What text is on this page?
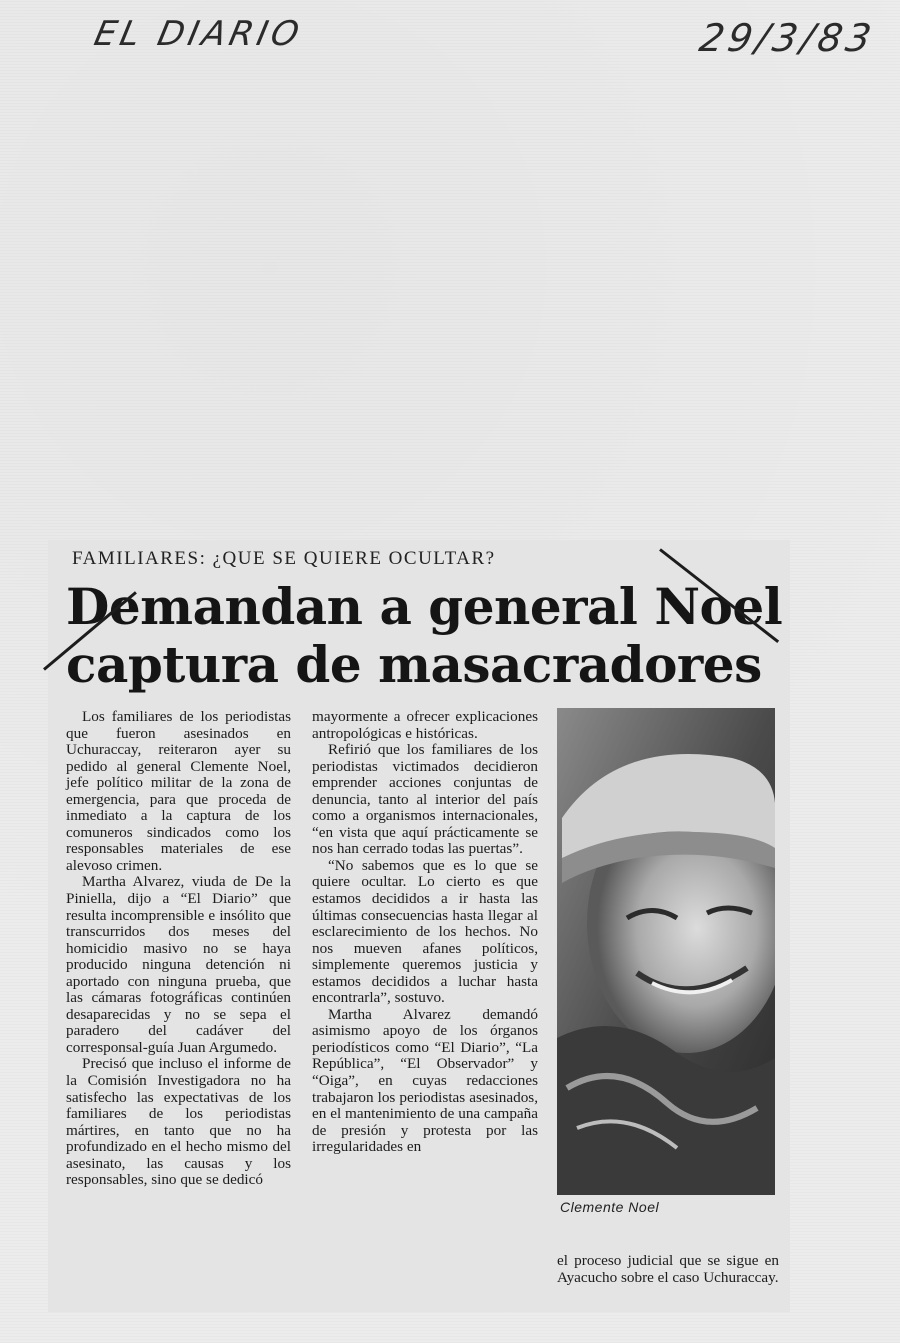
EL DIARIO	29/3/83
FAMILIARES: ¿QUE SE QUIERE OCULTAR?
Demandan a general Noel
captura de masacradores

Los familiares de los periodistas que fueron asesinados en Uchuraccay, reiteraron ayer su pedido al general Clemente Noel, jefe político militar de la zona de emergencia, para que proceda de inmediato a la captura de los comuneros sindicados como los responsables materiales de ese alevoso crimen.

Martha Alvarez, viuda de De la Piniella, dijo a “El Diario” que resulta incomprensible e insólito que transcurridos dos meses del homicidio masivo no se haya producido ninguna detención ni aportado con ninguna prueba, que las cámaras fotográficas continúen desaparecidas y no se sepa el paradero del cadáver del corresponsal-guía Juan Argumedo.

Precisó que incluso el informe de la Comisión Investigadora no ha satisfecho las expectativas de los familiares de los periodistas mártires, en tanto que no ha profundizado en el hecho mismo del asesinato, las causas y los responsables, sino que se dedicó

mayormente a ofrecer explicaciones antropológicas e históricas.

Refirió que los familiares de los periodistas victimados decidieron emprender acciones conjuntas de denuncia, tanto al interior del país como a organismos internacionales, “en vista que aquí prácticamente se nos han cerrado todas las puertas”.

“No sabemos que es lo que se quiere ocultar. Lo cierto es que estamos decididos a ir hasta las últimas consecuencias hasta llegar al esclarecimiento de los hechos. No nos mueven afanes políticos, simplemente queremos justicia y estamos decididos a luchar hasta encontrarla”, sostuvo.

Martha Alvarez demandó asimismo apoyo de los órganos periodísticos como “El Diario”, “La República”, “El Observador” y “Oiga”, en cuyas redacciones trabajaron los periodistas asesinados, en el mantenimiento de una campaña de presión y protesta por las irregularidades en

Clemente Noel

el proceso judicial que se sigue en Ayacucho sobre el caso Uchuraccay.
